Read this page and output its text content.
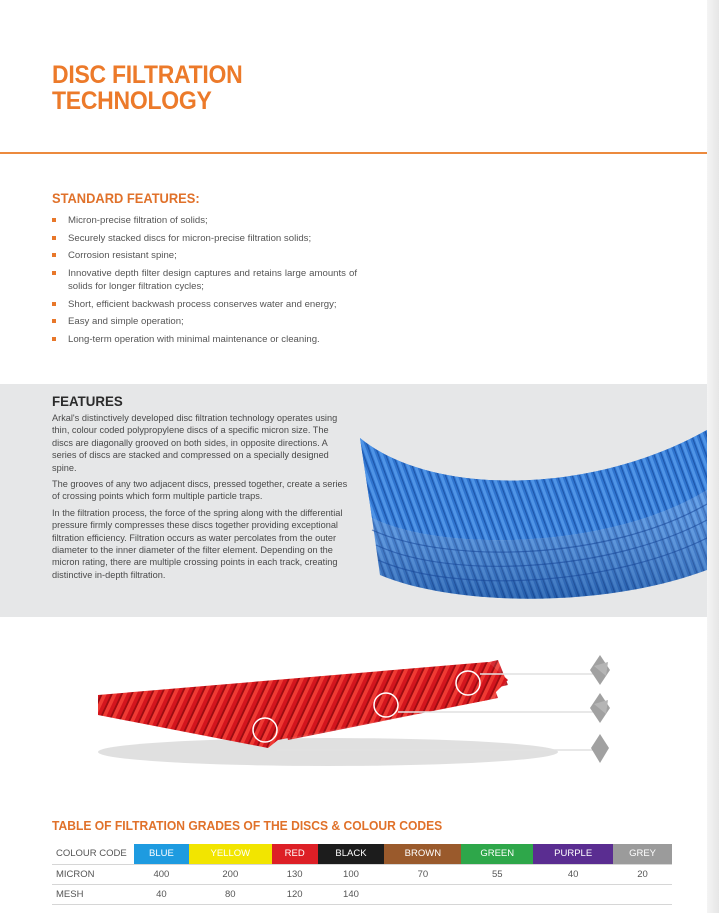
DISC FILTRATION
TECHNOLOGY
STANDARD FEATURES:
Micron-precise filtration of solids;
Securely stacked discs for micron-precise filtration solids;
Corrosion resistant spine;
Innovative depth filter design captures and retains large amounts of solids for longer filtration cycles;
Short, efficient backwash process conserves water and energy;
Easy and simple operation;
Long-term operation with minimal maintenance or cleaning.
FEATURES

Arkal's distinctively developed disc filtration technology operates using thin, colour coded polypropylene discs of a specific micron size. The discs are diagonally grooved on both sides, in opposite directions. A series of discs are stacked and compressed on a specially designed spine.

The grooves of any two adjacent discs, pressed together, create a series of crossing points which form multiple particle traps.

In the filtration process, the force of the spring along with the differential pressure firmly compresses these discs together providing exceptional filtration efficiency. Filtration occurs as water percolates from the outer diameter to the inner diameter of the filter element. Depending on the micron rating, there are multiple crossing points in each track, creating distinctive in-depth filtration.

TABLE OF FILTRATION GRADES OF THE DISCS & COLOUR CODES
COLOUR CODE	BLUE	YELLOW	RED	BLACK	BROWN	GREEN	PURPLE	GREY
MICRON	400	200	130	100	70	55	40	20
MESH	40	80	120	140				
